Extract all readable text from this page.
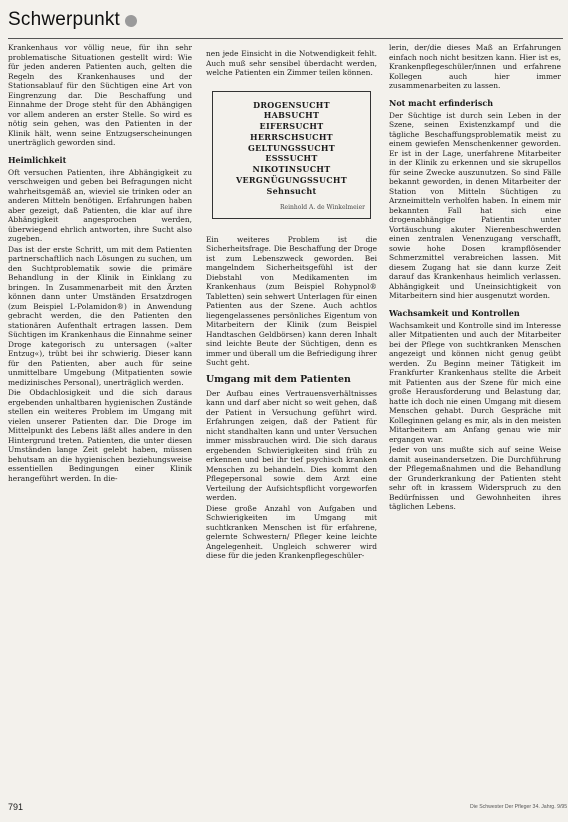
Schwerpunkt

Krankenhaus vor völlig neue, für ihn sehr problematische Situationen gestellt wird: Wie für jeden anderen Patienten auch, gelten die Regeln des Krankenhauses und der Stationsablauf für den Süchtigen eine Art von Eingrenzung dar. Die Beschaffung und Einnahme der Droge steht für den Abhängigen vor allem anderen an erster Stelle. So wird es nötig sein gehen, was den Patienten in der Klinik hält, wenn seine Entzugserscheinungen unerträglich geworden sind.

Heimlichkeit

Oft versuchen Patienten, ihre Abhängigkeit zu verschweigen und geben bei Befragungen nicht wahrheitsgemäß an, wieviel sie trinken oder an anderen Mitteln benötigen. Erfahrungen haben aber gezeigt, daß Patienten, die klar auf ihre Abhängigkeit angesprochen werden, überwiegend ehrlich antworten, ihre Sucht also zugeben.

Das ist der erste Schritt, um mit dem Patienten partnerschaftlich nach Lösungen zu suchen, um den Suchtproblematik sowie die primäre Behandlung in der Klinik in Einklang zu bringen. In Zusammenarbeit mit den Ärzten können dann unter Umständen Ersatzdrogen (zum Beispiel L-Polamidon®) in Anwendung gebracht werden, die den Patienten den stationären Aufenthalt ertragen lassen. Dem Süchtigen im Krankenhaus die Einnahme seiner Droge kategorisch zu untersagen (»alter Entzug«), trübt bei ihr schwierig. Dieser kann für den Patienten, aber auch für seine unmittelbare Umgebung (Mitpatienten sowie medizinisches Personal), unerträglich werden.

Die Obdachlosigkeit und die sich daraus ergebenden unhaltbaren hygienischen Zustände stellen ein weiteres Problem im Umgang mit vielen unserer Patienten dar. Die Droge im Mittelpunkt des Lebens läßt alles andere in den Hintergrund treten. Patienten, die unter diesen Umständen lange Zeit gelebt haben, müssen behutsam an die hygienischen beziehungsweise essentiellen Bedingungen einer Klinik herangeführt werden. In die-

nen jede Einsicht in die Notwendigkeit fehlt. Auch muß sehr sensibel überdacht werden, welche Patienten ein Zimmer teilen können.

DROGENSUCHT
HABSUCHT
EIFERSUCHT
HERRSCHSUCHT
GELTUNGSSUCHT
ESSSUCHT
NIKOTINSUCHT
VERGNÜGUNGSSUCHT
Sehnsucht
Reinhold A. de Winkelmeier

Ein weiteres Problem ist die Sicherheitsfrage. Die Beschaffung der Droge ist zum Lebenszweck geworden. Bei mangelndem Sicherheitsgefühl ist der Diebstahl von Medikamenten im Krankenhaus (zum Beispiel Rohypnol® Tabletten) sein sehwert Unterlagen für einen Patienten aus der Szene. Auch achtlos liegengelassenes persönliches Eigentum von Mitarbeitern der Klinik (zum Beispiel Handtaschen Geldbörsen) kann deren Inhalt sind leichte Beute der Süchtigen, denn es immer und überall um die Befriedigung ihrer Sucht geht.

Umgang mit dem Patienten

Der Aufbau eines Vertrauensverhältnisses kann und darf aber nicht so weit gehen, daß der Patient in Versuchung geführt wird. Erfahrungen zeigen, daß der Patient für nicht standhalten kann und unter Versuchen immer missbrauchen wird. Die sich daraus ergebenden Schwierigkeiten sind früh zu erkennen und bei ihr tief psychisch kranken Menschen zu behandeln. Dies kommt den Pflegepersonal sowie dem Arzt eine Verteilung der Aufsichtspflicht vorgeworfen werden.

Diese große Anzahl von Aufgaben und Schwierigkeiten im Umgang mit suchtkranken Menschen ist für erfahrene, gelernte Schwestern/ Pfleger keine leichte Angelegenheit. Ungleich schwerer wird diese für die jeden Krankenpflegeschüler-

lerin, der/die dieses Maß an Erfahrungen einfach noch nicht besitzen kann. Hier ist es, Krankenpflegeschüler/innen und erfahrene Kollegen auch hier immer zusammenarbeiten zu lassen.

Not macht erfinderisch

Der Süchtige ist durch sein Leben in der Szene, seinen Existenzkampf und die tägliche Beschaffungsproblematik meist zu einem gewiefen Menschenkenner geworden. Er ist in der Lage, unerfahrene Mitarbeiter in der Klinik zu erkennen und sie skrupellos für seine Zwecke auszunutzen. So sind Fälle bekannt geworden, in denen Mitarbeiter der Station von Mitteln Süchtigen zu Arzneimitteln verholfen haben. In einem mir bekannten Fall hat sich eine drogenabhängige Patientin unter Vortäuschung akuter Nierenbeschwerden einen zentralen Venenzugang verschafft, sowie hohe Dosen krampflösender Schmerzmittel verabreichen lassen. Mit diesem Zugang hat sie dann kurze Zeit darauf das Krankenhaus heimlich verlassen. Abhängigkeit und Uneinsichtigkeit von Mitarbeitern sind hier ausgenutzt worden.

Wachsamkeit und Kontrollen

Wachsamkeit und Kontrolle sind im Interesse aller Mitpatienten und auch der Mitarbeiter bei der Pflege von suchtkranken Menschen angezeigt und können nicht genug geübt werden. Zu Beginn meiner Tätigkeit im Frankfurter Krankenhaus stellte die Arbeit mit Patienten aus der Szene für mich eine große Herausforderung und Belastung dar, hatte ich doch nie einen Umgang mit diesem Menschen gehabt. Durch Gespräche mit Kolleginnen gelang es mir, als in den meisten Mitarbeitern am Anfang genau wie mir ergangen war.

Jeder von uns mußte sich auf seine Weise damit auseinandersetzen. Die Durchführung der Pflegemaßnahmen und die Behandlung der Grunderkrankung der Patienten steht sehr oft in krassem Widerspruch zu den Bedürfnissen und Gewohnheiten ihres täglichen Lebens.

791	Die Schwester Der Pfleger 34. Jahrg. 9/95
